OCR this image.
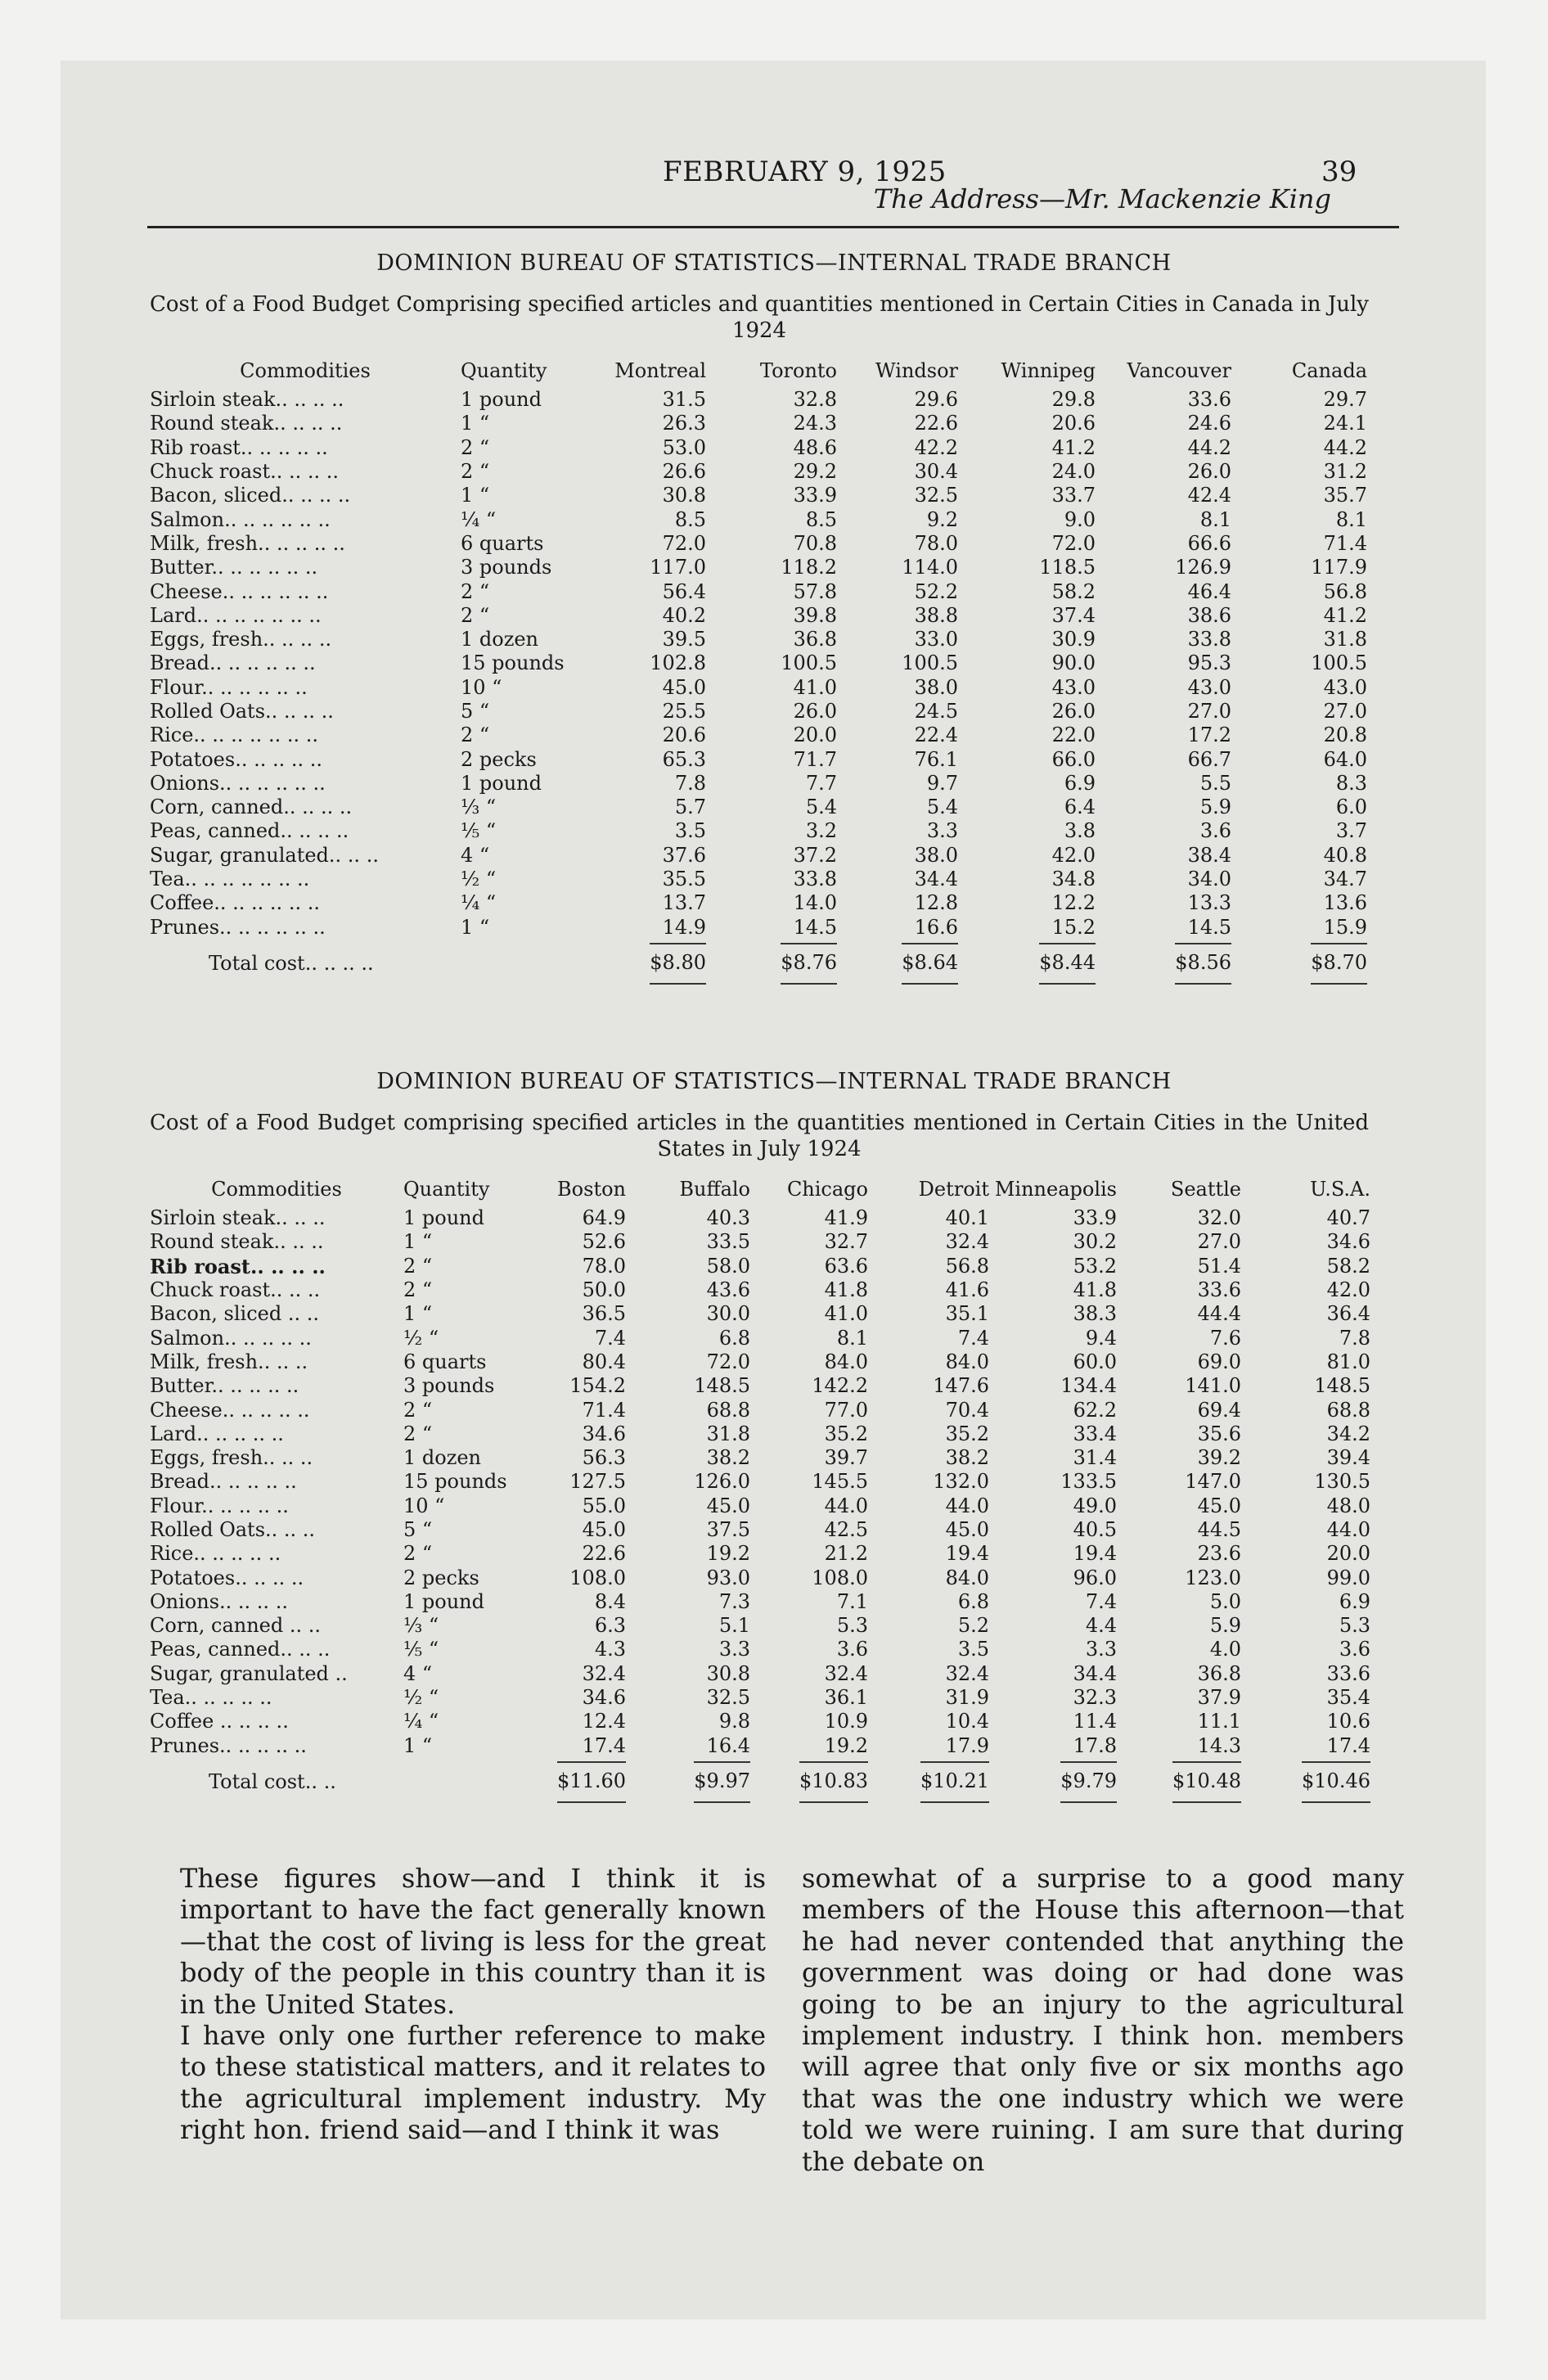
FEBRUARY 9, 1925	39
The Address—Mr. Mackenzie King
DOMINION BUREAU OF STATISTICS—INTERNAL TRADE BRANCH
Cost of a Food Budget Comprising specified articles and quantities mentioned in Certain Cities in Canada in July 1924
Commodities	Quantity	Montreal	Toronto	Windsor	Winnipeg	Vancouver	Canada
Sirloin steak.. .. .. ..	1 pound	31.5	32.8	29.6	29.8	33.6	29.7
Round steak.. .. .. ..	1 “	26.3	24.3	22.6	20.6	24.6	24.1
Rib roast.. .. .. .. ..	2 “	53.0	48.6	42.2	41.2	44.2	44.2
Chuck roast.. .. .. ..	2 “	26.6	29.2	30.4	24.0	26.0	31.2
Bacon, sliced.. .. .. ..	1 “	30.8	33.9	32.5	33.7	42.4	35.7
Salmon.. .. .. .. .. ..	¼ “	8.5	8.5	9.2	9.0	8.1	8.1
Milk, fresh.. .. .. .. ..	6 quarts	72.0	70.8	78.0	72.0	66.6	71.4
Butter.. .. .. .. .. ..	3 pounds	117.0	118.2	114.0	118.5	126.9	117.9
Cheese.. .. .. .. .. ..	2 “	56.4	57.8	52.2	58.2	46.4	56.8
Lard.. .. .. .. .. .. ..	2 “	40.2	39.8	38.8	37.4	38.6	41.2
Eggs, fresh.. .. .. ..	1 dozen	39.5	36.8	33.0	30.9	33.8	31.8
Bread.. .. .. .. .. ..	15 pounds	102.8	100.5	100.5	90.0	95.3	100.5
Flour.. .. .. .. .. ..	10 “	45.0	41.0	38.0	43.0	43.0	43.0
Rolled Oats.. .. .. ..	5 “	25.5	26.0	24.5	26.0	27.0	27.0
Rice.. .. .. .. .. .. ..	2 “	20.6	20.0	22.4	22.0	17.2	20.8
Potatoes.. .. .. .. ..	2 pecks	65.3	71.7	76.1	66.0	66.7	64.0
Onions.. .. .. .. .. ..	1 pound	7.8	7.7	9.7	6.9	5.5	8.3
Corn, canned.. .. .. ..	⅓ “	5.7	5.4	5.4	6.4	5.9	6.0
Peas, canned.. .. .. ..	⅕ “	3.5	3.2	3.3	3.8	3.6	3.7
Sugar, granulated.. .. ..	4 “	37.6	37.2	38.0	42.0	38.4	40.8
Tea.. .. .. .. .. .. ..	½ “	35.5	33.8	34.4	34.8	34.0	34.7
Coffee.. .. .. .. .. ..	¼ “	13.7	14.0	12.8	12.2	13.3	13.6
Prunes.. .. .. .. .. ..	1 “	14.9	14.5	16.6	15.2	14.5	15.9
Total cost.. .. .. ..		$8.80	$8.76	$8.64	$8.44	$8.56	$8.70
DOMINION BUREAU OF STATISTICS—INTERNAL TRADE BRANCH
Cost of a Food Budget comprising specified articles in the quantities mentioned in Certain Cities in the United States in July 1924
Commodities	Quantity	Boston	Buffalo	Chicago	Detroit	Minneapolis	Seattle	U.S.A.
Sirloin steak.. .. ..	1 pound	64.9	40.3	41.9	40.1	33.9	32.0	40.7
Round steak.. .. ..	1 “	52.6	33.5	32.7	32.4	30.2	27.0	34.6
Rib roast.. .. .. ..	2 “	78.0	58.0	63.6	56.8	53.2	51.4	58.2
Chuck roast.. .. ..	2 “	50.0	43.6	41.8	41.6	41.8	33.6	42.0
Bacon, sliced .. ..	1 “	36.5	30.0	41.0	35.1	38.3	44.4	36.4
Salmon.. .. .. .. ..	½ “	7.4	6.8	8.1	7.4	9.4	7.6	7.8
Milk, fresh.. .. ..	6 quarts	80.4	72.0	84.0	84.0	60.0	69.0	81.0
Butter.. .. .. .. ..	3 pounds	154.2	148.5	142.2	147.6	134.4	141.0	148.5
Cheese.. .. .. .. ..	2 “	71.4	68.8	77.0	70.4	62.2	69.4	68.8
Lard.. .. .. .. ..	2 “	34.6	31.8	35.2	35.2	33.4	35.6	34.2
Eggs, fresh.. .. ..	1 dozen	56.3	38.2	39.7	38.2	31.4	39.2	39.4
Bread.. .. .. .. ..	15 pounds	127.5	126.0	145.5	132.0	133.5	147.0	130.5
Flour.. .. .. .. ..	10 “	55.0	45.0	44.0	44.0	49.0	45.0	48.0
Rolled Oats.. .. ..	5 “	45.0	37.5	42.5	45.0	40.5	44.5	44.0
Rice.. .. .. .. ..	2 “	22.6	19.2	21.2	19.4	19.4	23.6	20.0
Potatoes.. .. .. ..	2 pecks	108.0	93.0	108.0	84.0	96.0	123.0	99.0
Onions.. .. .. ..	1 pound	8.4	7.3	7.1	6.8	7.4	5.0	6.9
Corn, canned .. ..	⅓ “	6.3	5.1	5.3	5.2	4.4	5.9	5.3
Peas, canned.. .. ..	⅕ “	4.3	3.3	3.6	3.5	3.3	4.0	3.6
Sugar, granulated ..	4 “	32.4	30.8	32.4	32.4	34.4	36.8	33.6
Tea.. .. .. .. ..	½ “	34.6	32.5	36.1	31.9	32.3	37.9	35.4
Coffee .. .. .. ..	¼ “	12.4	9.8	10.9	10.4	11.4	11.1	10.6
Prunes.. .. .. .. ..	1 “	17.4	16.4	19.2	17.9	17.8	14.3	17.4
Total cost.. ..		$11.60	$9.97	$10.83	$10.21	$9.79	$10.48	$10.46
These figures show—and I think it is important to have the fact generally known—that the cost of living is less for the great body of the people in this country than it is in the United States.
I have only one further reference to make to these statistical matters, and it relates to the agricultural implement industry. My right hon. friend said—and I think it was
somewhat of a surprise to a good many members of the House this afternoon—that he had never contended that anything the government was doing or had done was going to be an injury to the agricultural implement industry. I think hon. members will agree that only five or six months ago that was the one industry which we were told we were ruining. I am sure that during the debate on
